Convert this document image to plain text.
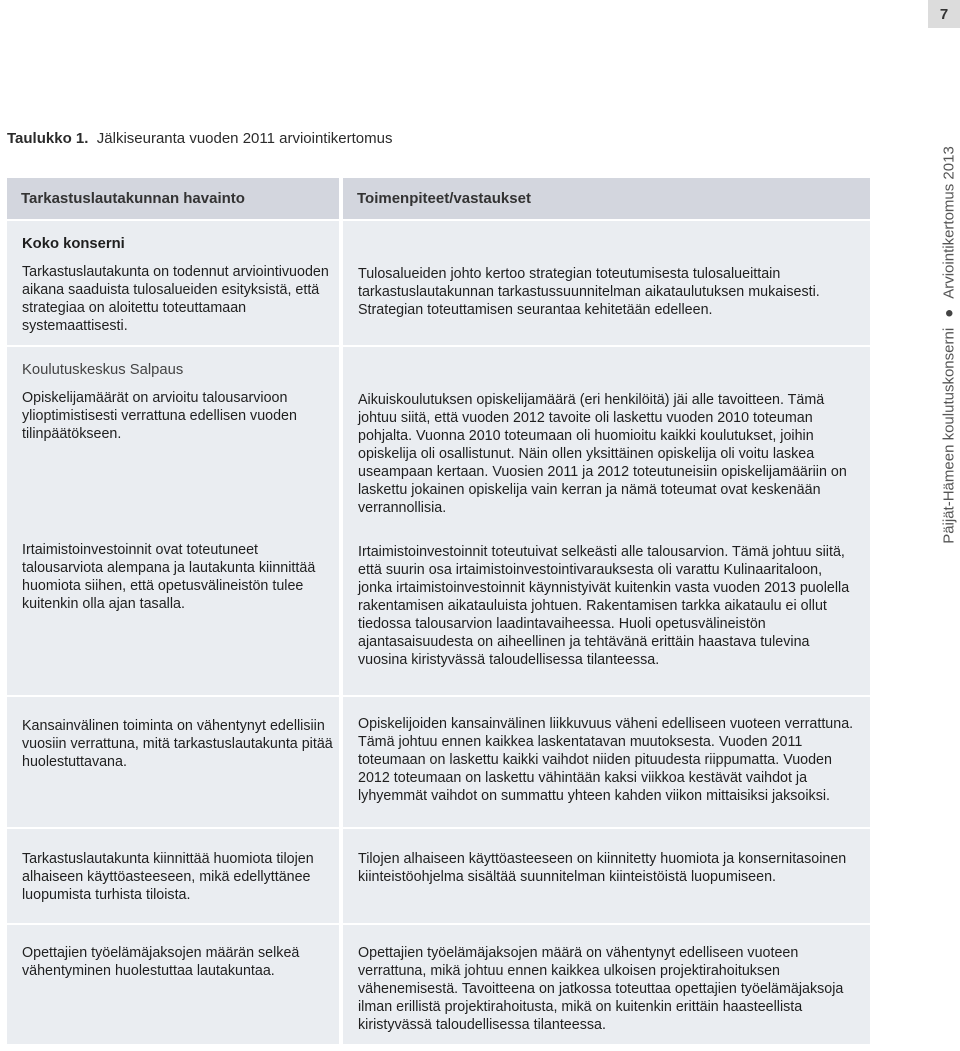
7
Taulukko 1. Jälkiseuranta vuoden 2011 arviointikertomus
Päijät-Hämeen koulutuskonserni●Arviointikertomus 2013
Tarkastuslautakunnan havainto	Toimenpiteet/vastaukset
Koko konserni
Tarkastuslautakunta on todennut arviointivuoden aikana saaduista tulosalueiden esityksistä, että strategiaa on aloitettu toteuttamaan systemaattisesti.
Koulutuskeskus Salpaus
Opiskelijamäärät on arvioitu talousarvioon ylioptimistisesti verrattuna edellisen vuoden tilinpäätökseen.
Irtaimistoinvestoinnit ovat toteutuneet talousarviota alempana ja lautakunta kiinnittää huomiota siihen, että opetusvälineistön tulee kuitenkin olla ajan tasalla.
Kansainvälinen toiminta on vähentynyt edellisiin vuosiin verrattuna, mitä tarkastuslautakunta pitää huolestuttavana.
Tarkastuslautakunta kiinnittää huomiota tilojen alhaiseen käyttöasteeseen, mikä edellyttänee luopumista turhista tiloista.
Opettajien työelämäjaksojen määrän selkeä vähentyminen huolestuttaa lautakuntaa.
Tulosalueiden johto kertoo strategian toteutumisesta tulosalueittain tarkastuslautakunnan tarkastussuunnitelman aikataulutuksen mukaisesti. Strategian toteuttamisen seurantaa kehitetään edelleen.
Aikuiskoulutuksen opiskelijamäärä (eri henkilöitä) jäi alle tavoitteen. Tämä johtuu siitä, että vuoden 2012 tavoite oli laskettu vuoden 2010 toteuman pohjalta. Vuonna 2010 toteumaan oli huomioitu kaikki koulutukset, joihin opiskelija oli osallistunut. Näin ollen yksittäinen opiskelija oli voitu laskea useampaan kertaan. Vuosien 2011 ja 2012 toteutuneisiin opiskelijamääriin on laskettu jokainen opiskelija vain kerran ja nämä toteumat ovat keskenään verrannollisia.
Irtaimistoinvestoinnit toteutuivat selkeästi alle talousarvion. Tämä johtuu siitä, että suurin osa irtaimistoinvestointivarauksesta oli varattu Kulinaaritaloon, jonka irtaimistoinvestoinnit käynnistyivät kuitenkin vasta vuoden 2013 puolella rakentamisen aikatauluista johtuen. Rakentamisen tarkka aikataulu ei ollut tiedossa talousarvion laadintavaiheessa. Huoli opetusvälineistön ajantasaisuudesta on aiheellinen ja tehtävänä erittäin haastava tulevina vuosina kiristyvässä taloudellisessa tilanteessa.
Opiskelijoiden kansainvälinen liikkuvuus väheni edelliseen vuoteen verrattuna. Tämä johtuu ennen kaikkea laskentatavan muutoksesta. Vuoden 2011 toteumaan on laskettu kaikki vaihdot niiden pituudesta riippumatta. Vuoden 2012 toteumaan on laskettu vähintään kaksi viikkoa kestävät vaihdot ja lyhyemmät vaihdot on summattu yhteen kahden viikon mittaisiksi jaksoiksi.
Tilojen alhaiseen käyttöasteeseen on kiinnitetty huomiota ja konsernitasoinen kiinteistöohjelma sisältää suunnitelman kiinteistöistä luopumiseen.
Opettajien työelämäjaksojen määrä on vähentynyt edelliseen vuoteen verrattuna, mikä johtuu ennen kaikkea ulkoisen projektirahoituksen vähenemisestä. Tavoitteena on jatkossa toteuttaa opettajien työelämäjaksoja ilman erillistä projektirahoitusta, mikä on kuitenkin erittäin haasteellista kiristyvässä taloudellisessa tilanteessa.
